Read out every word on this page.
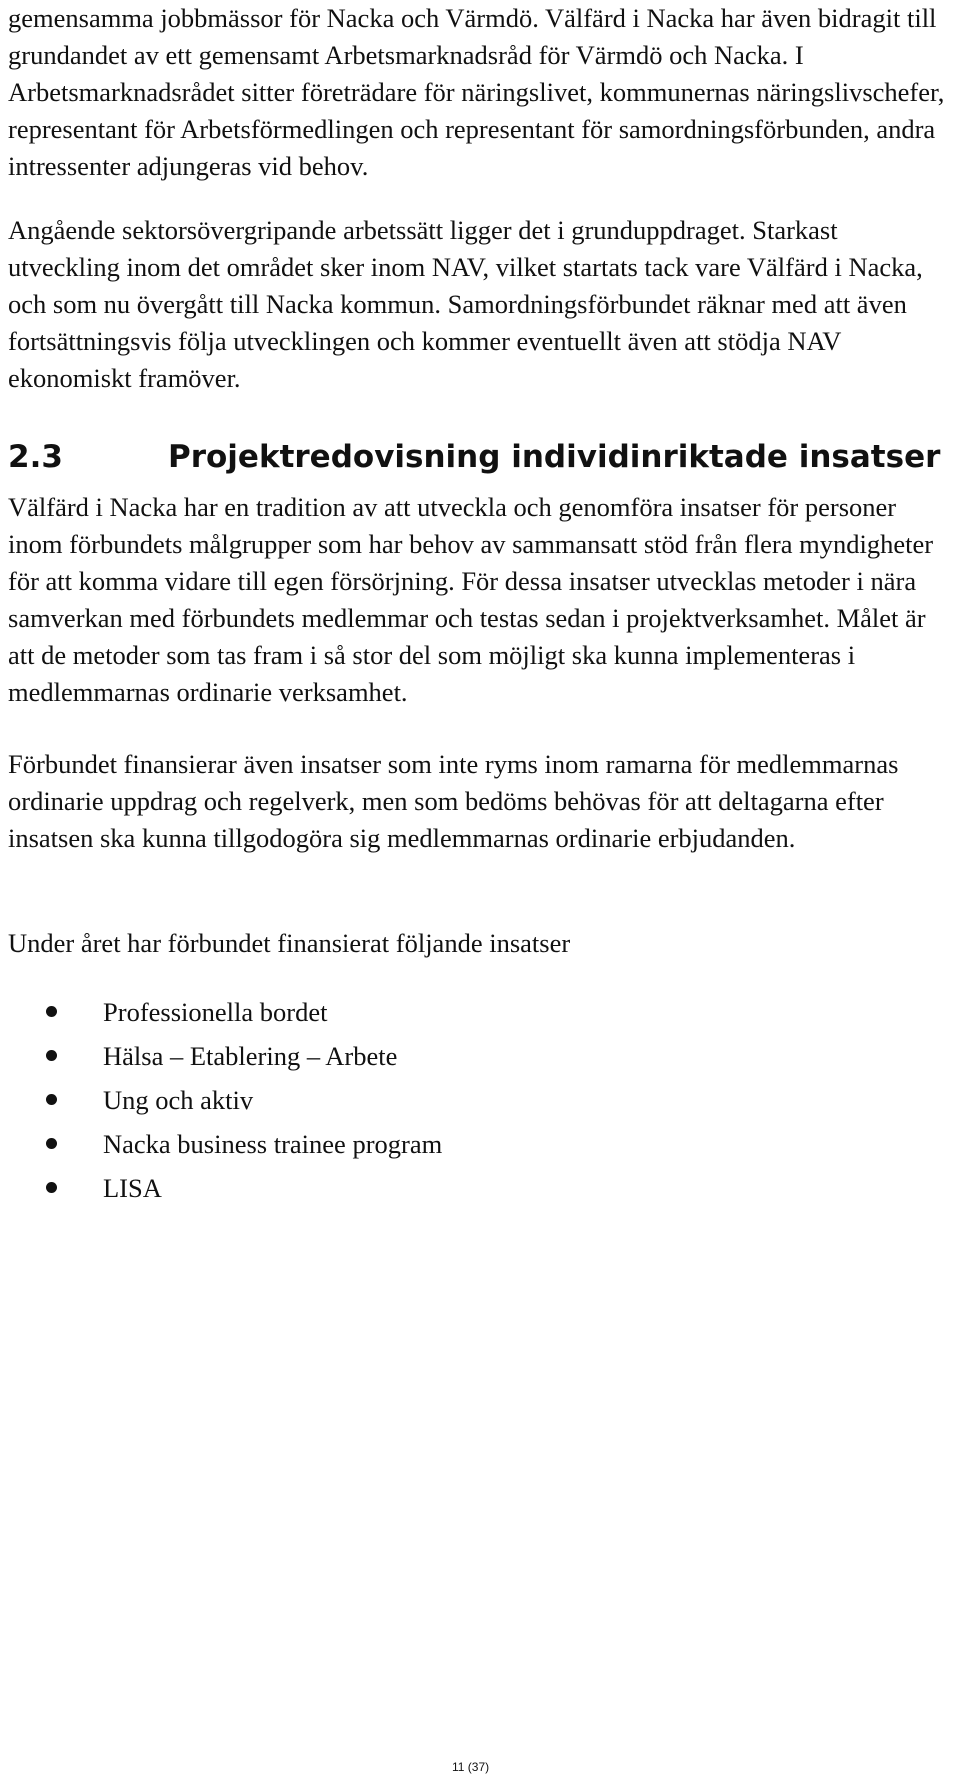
gemensamma jobbmässor för Nacka och Värmdö. Välfärd i Nacka har även bidragit till grundandet av ett gemensamt Arbetsmarknadsråd för Värmdö och Nacka. I Arbetsmarknadsrådet sitter företrädare för näringslivet, kommunernas näringslivschefer, representant för Arbetsförmedlingen och representant för samordningsförbunden, andra intressenter adjungeras vid behov.

Angående sektorsövergripande arbetssätt ligger det i grunduppdraget. Starkast utveckling inom det området sker inom NAV, vilket startats tack vare Välfärd i Nacka, och som nu övergått till Nacka kommun. Samordningsförbundet räknar med att även fortsättningsvis följa utvecklingen och kommer eventuellt även att stödja NAV ekonomiskt framöver.

2.3	Projektredovisning individinriktade insatser

Välfärd i Nacka har en tradition av att utveckla och genomföra insatser för personer inom förbundets målgrupper som har behov av sammansatt stöd från flera myndigheter för att komma vidare till egen försörjning. För dessa insatser utvecklas metoder i nära samverkan med förbundets medlemmar och testas sedan i projektverksamhet. Målet är att de metoder som tas fram i så stor del som möjligt ska kunna implementeras i medlemmarnas ordinarie verksamhet.

Förbundet finansierar även insatser som inte ryms inom ramarna för medlemmarnas ordinarie uppdrag och regelverk, men som bedöms behövas för att deltagarna efter insatsen ska kunna tillgodogöra sig medlemmarnas ordinarie erbjudanden.

Under året har förbundet finansierat följande insatser

Professionella bordet
Hälsa – Etablering – Arbete
Ung och aktiv
Nacka business trainee program
LISA
11 (37)
